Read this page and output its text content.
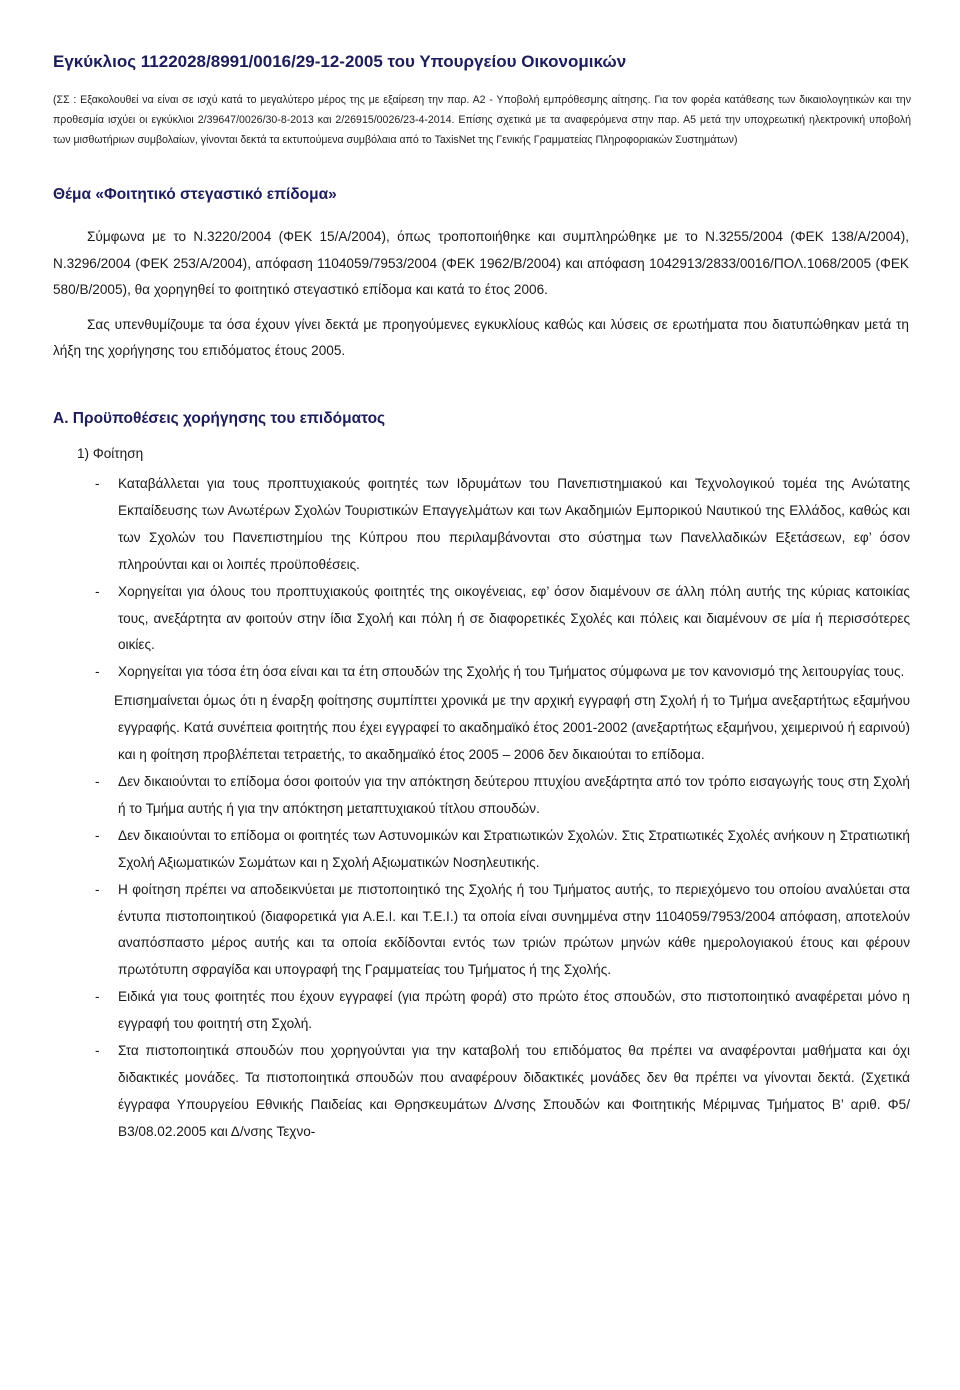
Εγκύκλιος 1122028/8991/0016/29-12-2005 του Υπουργείου Οικονομικών
(ΣΣ : Εξακολουθεί να είναι σε ισχύ κατά το μεγαλύτερο μέρος της με εξαίρεση την παρ. Α2 - Υποβολή εμπρόθεσμης αίτησης. Για τον φορέα κατάθεσης των δικαιολογητικών και την προθεσμία ισχύει οι εγκύκλιοι 2/39647/0026/30-8-2013 και 2/26915/0026/23-4-2014. Επίσης σχετικά με τα αναφερόμενα στην παρ. Α5 μετά την υποχρεωτική ηλεκτρονική υποβολή των μισθωτήριων συμβολαίων, γίνονται δεκτά τα εκτυπούμενα συμβόλαια από το TaxisNet της Γενικής Γραμματείας Πληροφοριακών Συστημάτων)
Θέμα «Φοιτητικό στεγαστικό επίδομα»

Σύμφωνα με το Ν.3220/2004 (ΦΕΚ 15/Α/2004), όπως τροποποιήθηκε και συμπληρώθηκε με το Ν.3255/2004 (ΦΕΚ 138/Α/2004), Ν.3296/2004 (ΦΕΚ 253/Α/2004), απόφαση 1104059/7953/2004 (ΦΕΚ 1962/Β/2004) και απόφαση 1042913/2833/0016/ΠΟΛ.1068/2005 (ΦΕΚ 580/Β/2005), θα χορηγηθεί το φοιτητικό στεγαστικό επίδομα και κατά το έτος 2006.

Σας υπενθυμίζουμε τα όσα έχουν γίνει δεκτά με προηγούμενες εγκυκλίους καθώς και λύσεις σε ερωτήματα που διατυπώθηκαν μετά τη λήξη της χορήγησης του επιδόματος έτους 2005.

Α. Προϋποθέσεις χορήγησης του επιδόματος
1) Φοίτηση
-	Καταβάλλεται για τους προπτυχιακούς φοιτητές των Ιδρυμάτων του Πανεπιστημιακού και Τεχνολογικού τομέα της Ανώτατης Εκπαίδευσης των Ανωτέρων Σχολών Τουριστικών Επαγγελμάτων και των Ακαδημιών Εμπορικού Ναυτικού της Ελλάδος, καθώς και των Σχολών του Πανεπιστημίου της Κύπρου που περιλαμβάνονται στο σύστημα των Πανελλαδικών Εξετάσεων, εφ’ όσον πληρούνται και οι λοιπές προϋποθέσεις.
-	Χορηγείται για όλους του προπτυχιακούς φοιτητές της οικογένειας, εφ’ όσον διαμένουν σε άλλη πόλη αυτής της κύριας κατοικίας τους, ανεξάρτητα αν φοιτούν στην ίδια Σχολή και πόλη ή σε διαφορετικές Σχολές και πόλεις και διαμένουν σε μία ή περισσότερες οικίες.
-	Χορηγείται για τόσα έτη όσα είναι και τα έτη σπουδών της Σχολής ή του Τμήματος σύμφωνα με τον κανονισμό της λειτουργίας τους.
Επισημαίνεται όμως ότι η έναρξη φοίτησης συμπίπτει χρονικά με την αρχική εγγραφή στη Σχολή ή το Τμήμα ανεξαρτήτως εξαμήνου εγγραφής. Κατά συνέπεια φοιτητής που έχει εγγραφεί το ακαδημαϊκό έτος 2001-2002 (ανεξαρτήτως εξαμήνου, χειμερινού ή εαρινού) και η φοίτηση προβλέπεται τετραετής, το ακαδημαϊκό έτος 2005 – 2006 δεν δικαιούται το επίδομα.
-	Δεν δικαιούνται το επίδομα όσοι φοιτούν για την απόκτηση δεύτερου πτυχίου ανεξάρτητα από τον τρόπο εισαγωγής τους στη Σχολή ή το Τμήμα αυτής ή για την απόκτηση μεταπτυχιακού τίτλου σπουδών.
-	Δεν δικαιούνται το επίδομα οι φοιτητές των Αστυνομικών και Στρατιωτικών Σχολών. Στις Στρατιωτικές Σχολές ανήκουν η Στρατιωτική Σχολή Αξιωματικών Σωμάτων και η Σχολή Αξιωματικών Νοσηλευτικής.
-	Η φοίτηση πρέπει να αποδεικνύεται με πιστοποιητικό της Σχολής ή του Τμήματος αυτής, το περιεχόμενο του οποίου αναλύεται στα έντυπα πιστοποιητικού (διαφορετικά για Α.Ε.Ι. και Τ.Ε.Ι.) τα οποία είναι συνημμένα στην 1104059/7953/2004 απόφαση, αποτελούν αναπόσπαστο μέρος αυτής και τα οποία εκδίδονται εντός των τριών πρώτων μηνών κάθε ημερολογιακού έτους και φέρουν πρωτότυπη σφραγίδα και υπογραφή της Γραμματείας του Τμήματος ή της Σχολής.
-	Ειδικά για τους φοιτητές που έχουν εγγραφεί (για πρώτη φορά) στο πρώτο έτος σπουδών, στο πιστοποιητικό αναφέρεται μόνο η εγγραφή του φοιτητή στη Σχολή.
-	Στα πιστοποιητικά σπουδών που χορηγούνται για την καταβολή του επιδόματος θα πρέπει να αναφέρονται μαθήματα και όχι διδακτικές μονάδες. Τα πιστοποιητικά σπουδών που αναφέρουν διδακτικές μονάδες δεν θα πρέπει να γίνονται δεκτά. (Σχετικά έγγραφα Υπουργείου Εθνικής Παιδείας και Θρησκευμάτων Δ/νσης Σπουδών και Φοιτητικής Μέριμνας Τμήματος Β’ αριθ. Φ5/Β3/08.02.2005 και Δ/νσης Τεχνο-
